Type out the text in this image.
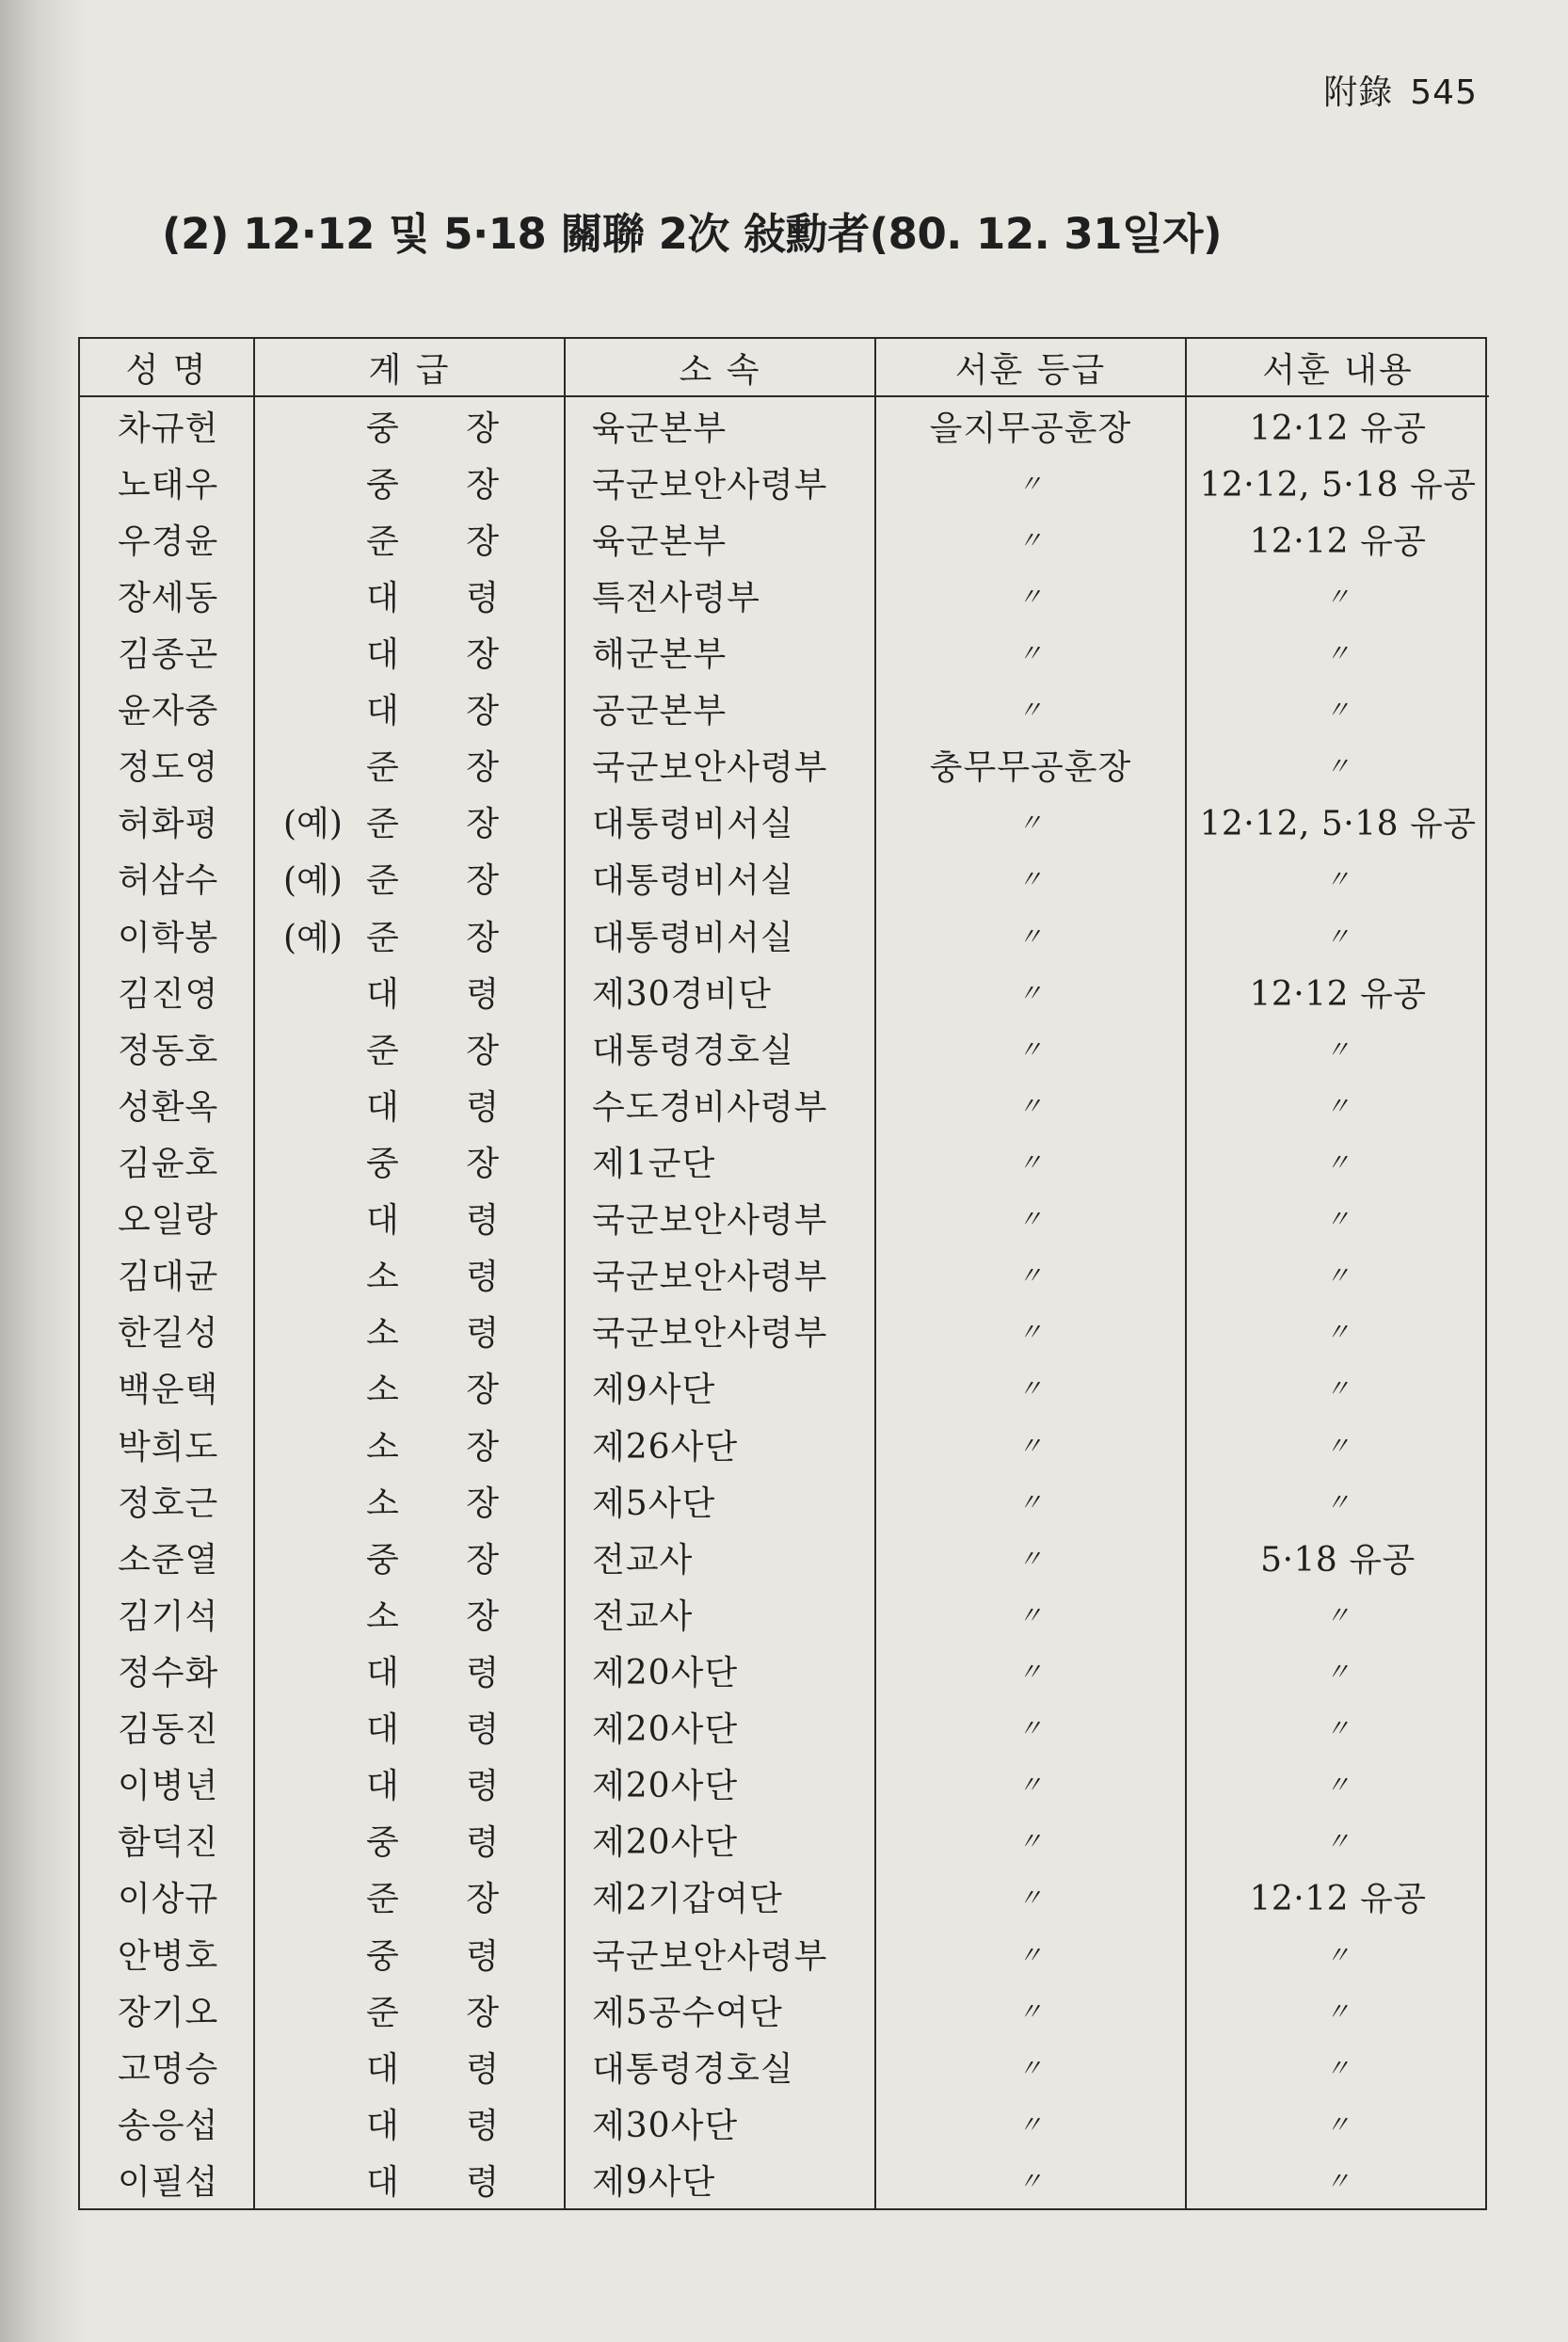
附錄 545
(2) 12·12 및 5·18 關聯 2次 敍勳者(80. 12. 31일자)
성 명	계 급	소 속	서훈 등급	서훈 내용
차규헌	중 장	육군본부	을지무공훈장	12·12 유공
노태우	중 장	국군보안사령부	〃	12·12, 5·18 유공
우경윤	준 장	육군본부	〃	12·12 유공
장세동	대 령	특전사령부	〃	〃
김종곤	대 장	해군본부	〃	〃
윤자중	대 장	공군본부	〃	〃
정도영	준 장	국군보안사령부	충무무공훈장	〃
허화평	(예) 준 장	대통령비서실	〃	12·12, 5·18 유공
허삼수	(예) 준 장	대통령비서실	〃	〃
이학봉	(예) 준 장	대통령비서실	〃	〃
김진영	대 령	제30경비단	〃	12·12 유공
정동호	준 장	대통령경호실	〃	〃
성환옥	대 령	수도경비사령부	〃	〃
김윤호	중 장	제1군단	〃	〃
오일랑	대 령	국군보안사령부	〃	〃
김대균	소 령	국군보안사령부	〃	〃
한길성	소 령	국군보안사령부	〃	〃
백운택	소 장	제9사단	〃	〃
박희도	소 장	제26사단	〃	〃
정호근	소 장	제5사단	〃	〃
소준열	중 장	전교사	〃	5·18 유공
김기석	소 장	전교사	〃	〃
정수화	대 령	제20사단	〃	〃
김동진	대 령	제20사단	〃	〃
이병년	대 령	제20사단	〃	〃
함덕진	중 령	제20사단	〃	〃
이상규	준 장	제2기갑여단	〃	12·12 유공
안병호	중 령	국군보안사령부	〃	〃
장기오	준 장	제5공수여단	〃	〃
고명승	대 령	대통령경호실	〃	〃
송응섭	대 령	제30사단	〃	〃
이필섭	대 령	제9사단	〃	〃
